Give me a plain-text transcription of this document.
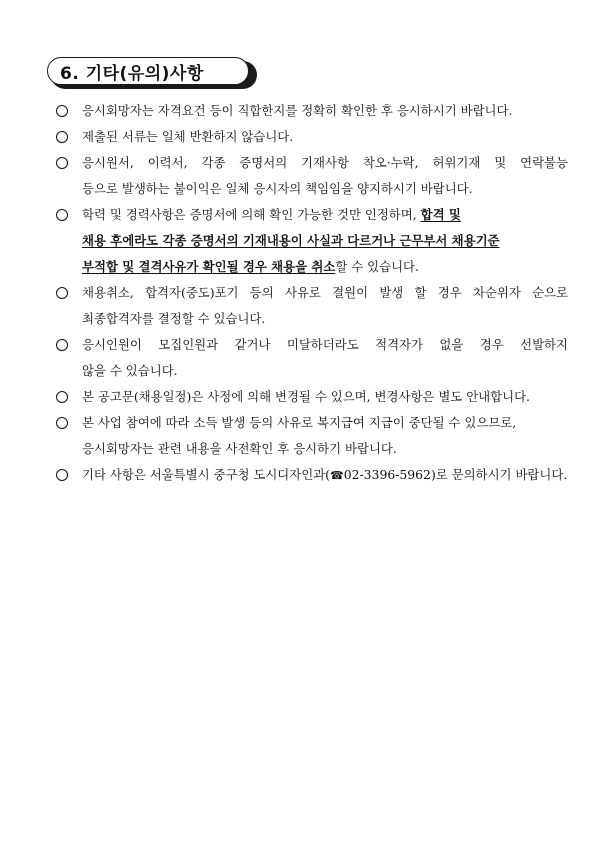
6. 기타(유의)사항
응시회망자는 자격요건 등이 직합한지를 정확히 확인한 후 응시하시기 바랍니다.
제출된 서류는 일체 반환하지 않습니다.
응시원서, 이력서, 각종 증명서의 기재사항 착오·누락, 허위기재 및 연락불능
등으로 발생하는 불이익은 일체 응시자의 책임임을 양지하시기 바랍니다.
학력 및 경력사항은 증명서에 의해 확인 가능한 것만 인정하며, 합격 및
채용 후에라도 각종 증명서의 기재내용이 사실과 다르거나 근무부서 채용기준
부적합 및 결격사유가 확인될 경우 채용을 취소할 수 있습니다.
채용취소, 합격자(중도)포기 등의 사유로 결원이 발생 할 경우 차순위자 순으로
최종합격자를 결정할 수 있습니다.
응시인원이 모집인원과 같거나 미달하더라도 적격자가 없을 경우 선발하지
않을 수 있습니다.
본 공고문(채용일정)은 사정에 의해 변경될 수 있으며, 변경사항은 별도 안내합니다.
본 사업 참여에 따라 소득 발생 등의 사유로 복지급여 지급이 중단될 수 있으므로,
응시회망자는 관련 내용을 사전확인 후 응시하기 바랍니다.
기타 사항은 서울특별시 중구청 도시디자인과(☎02-3396-5962)로 문의하시기 바랍니다.
